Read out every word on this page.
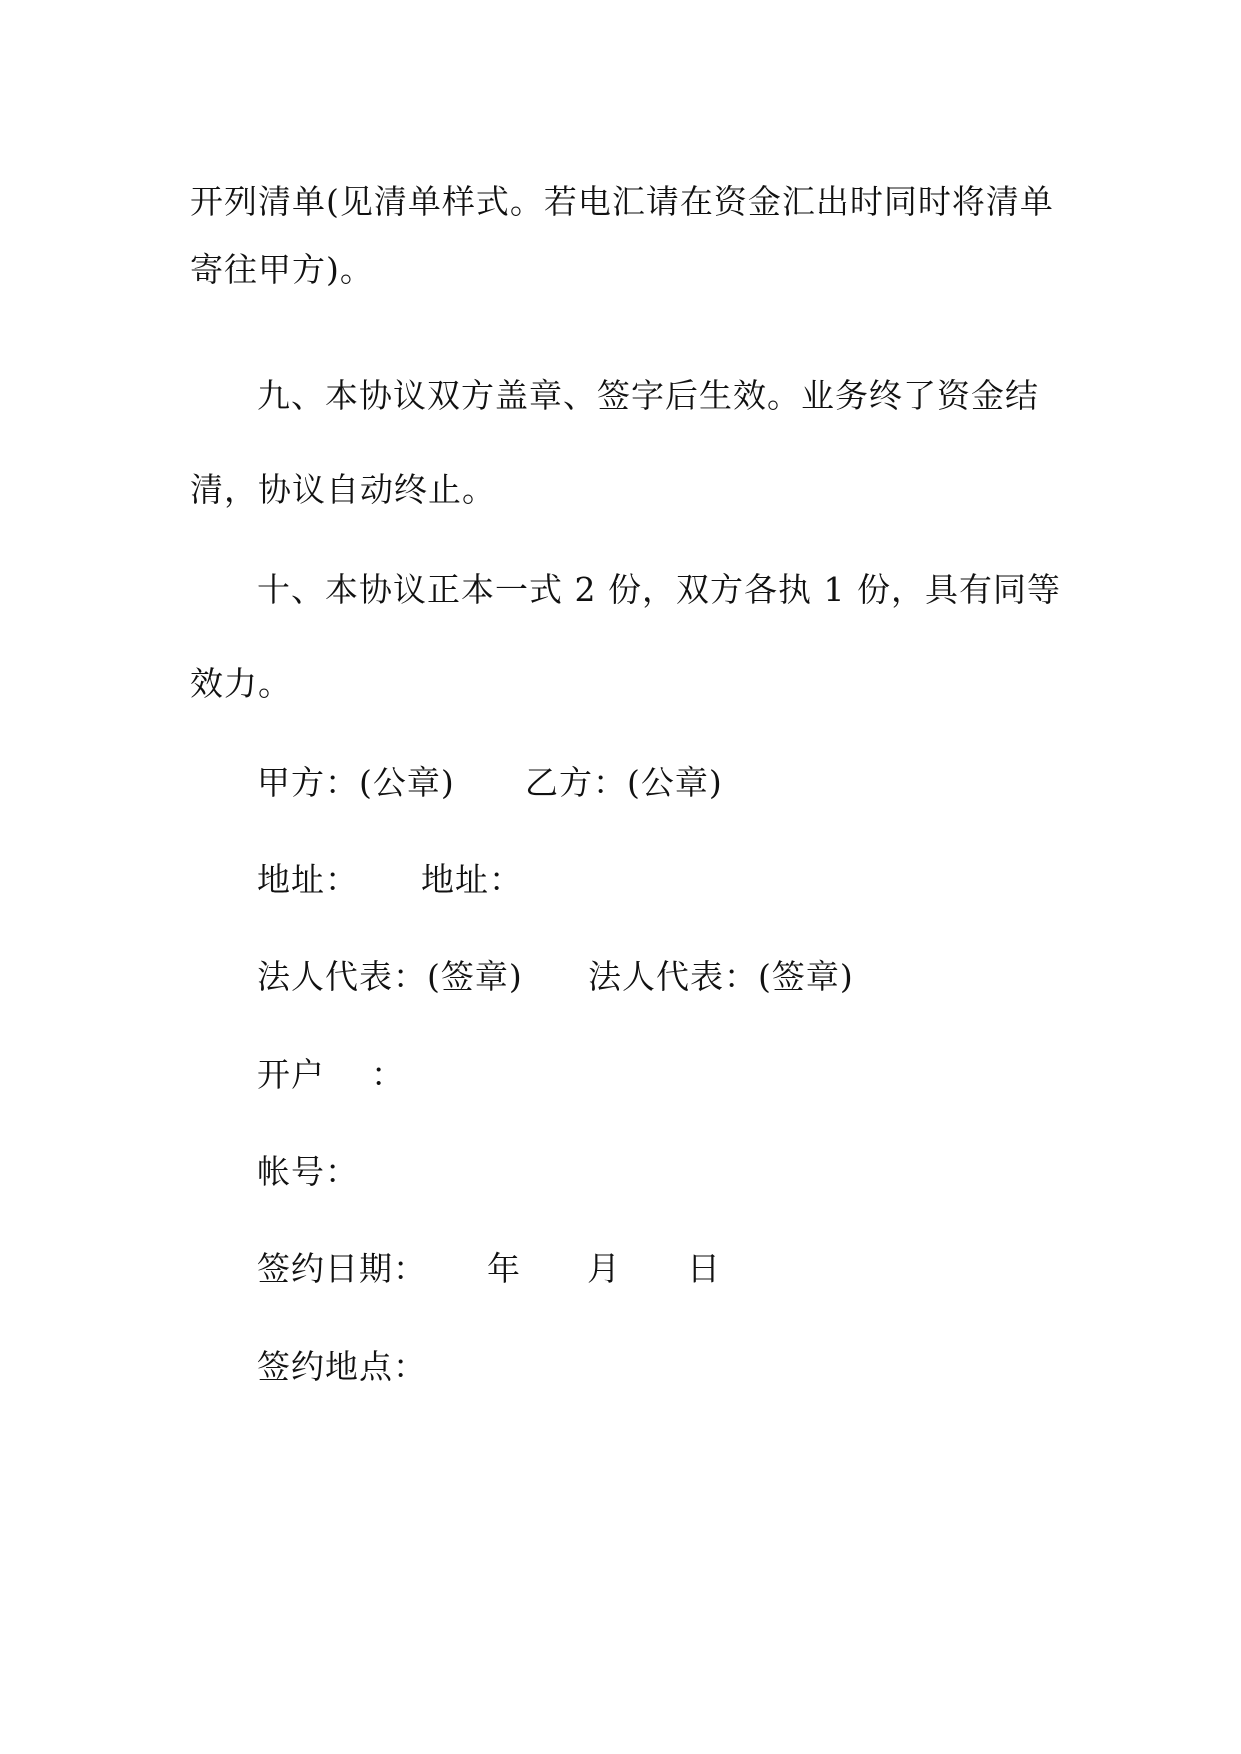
开列清单(见清单样式。若电汇请在资金汇出时同时将清单
寄往甲方)。
九、本协议双方盖章、签字后生效。业务终了资金结
清，协议自动终止。
十、本协议正本一式 2 份，双方各执 1 份，具有同等
效力。
甲方：(公章) 乙方：(公章)
地址： 地址：
法人代表：(签章) 法人代表：(签章)
开户    ：
帐号：
签约日期： 年 月 日
签约地点：
